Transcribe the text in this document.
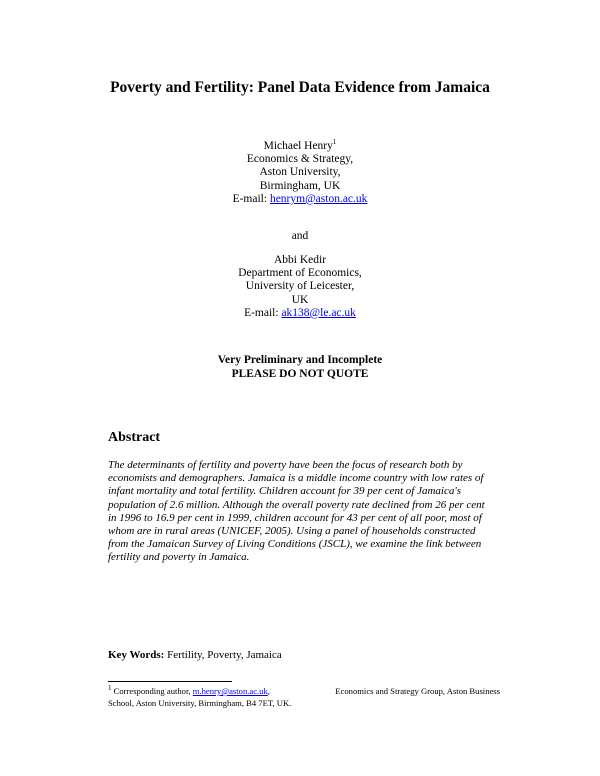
Poverty and Fertility: Panel Data Evidence from Jamaica
Michael Henry$^1$
Economics & Strategy,
Aston University,
Birmingham, UK
E-mail: henrym@aston.ac.uk
and
Abbi Kedir
Department of Economics,
University of Leicester,
UK
E-mail: ak138@le.ac.uk
Very Preliminary and Incomplete
PLEASE DO NOT QUOTE
Abstract
The determinants of fertility and poverty have been the focus of research both by
economists and demographers. Jamaica is a middle income country with low rates of
infant mortality and total fertility. Children account for 39 per cent of Jamaica's
population of 2.6 million. Although the overall poverty rate declined from 26 per cent
in 1996 to 16.9 per cent in 1999, children account for 43 per cent of all poor, most of
whom are in rural areas (UNICEF, 2005). Using a panel of households constructed
from the Jamaican Survey of Living Conditions (JSCL), we examine the link between
fertility and poverty in Jamaica.
Key Words: Fertility, Poverty, Jamaica
$^1$ Corresponding author, m.henry@aston.ac.uk,	Economics and Strategy Group, Aston Business
School, Aston University, Birmingham, B4 7ET, UK.
